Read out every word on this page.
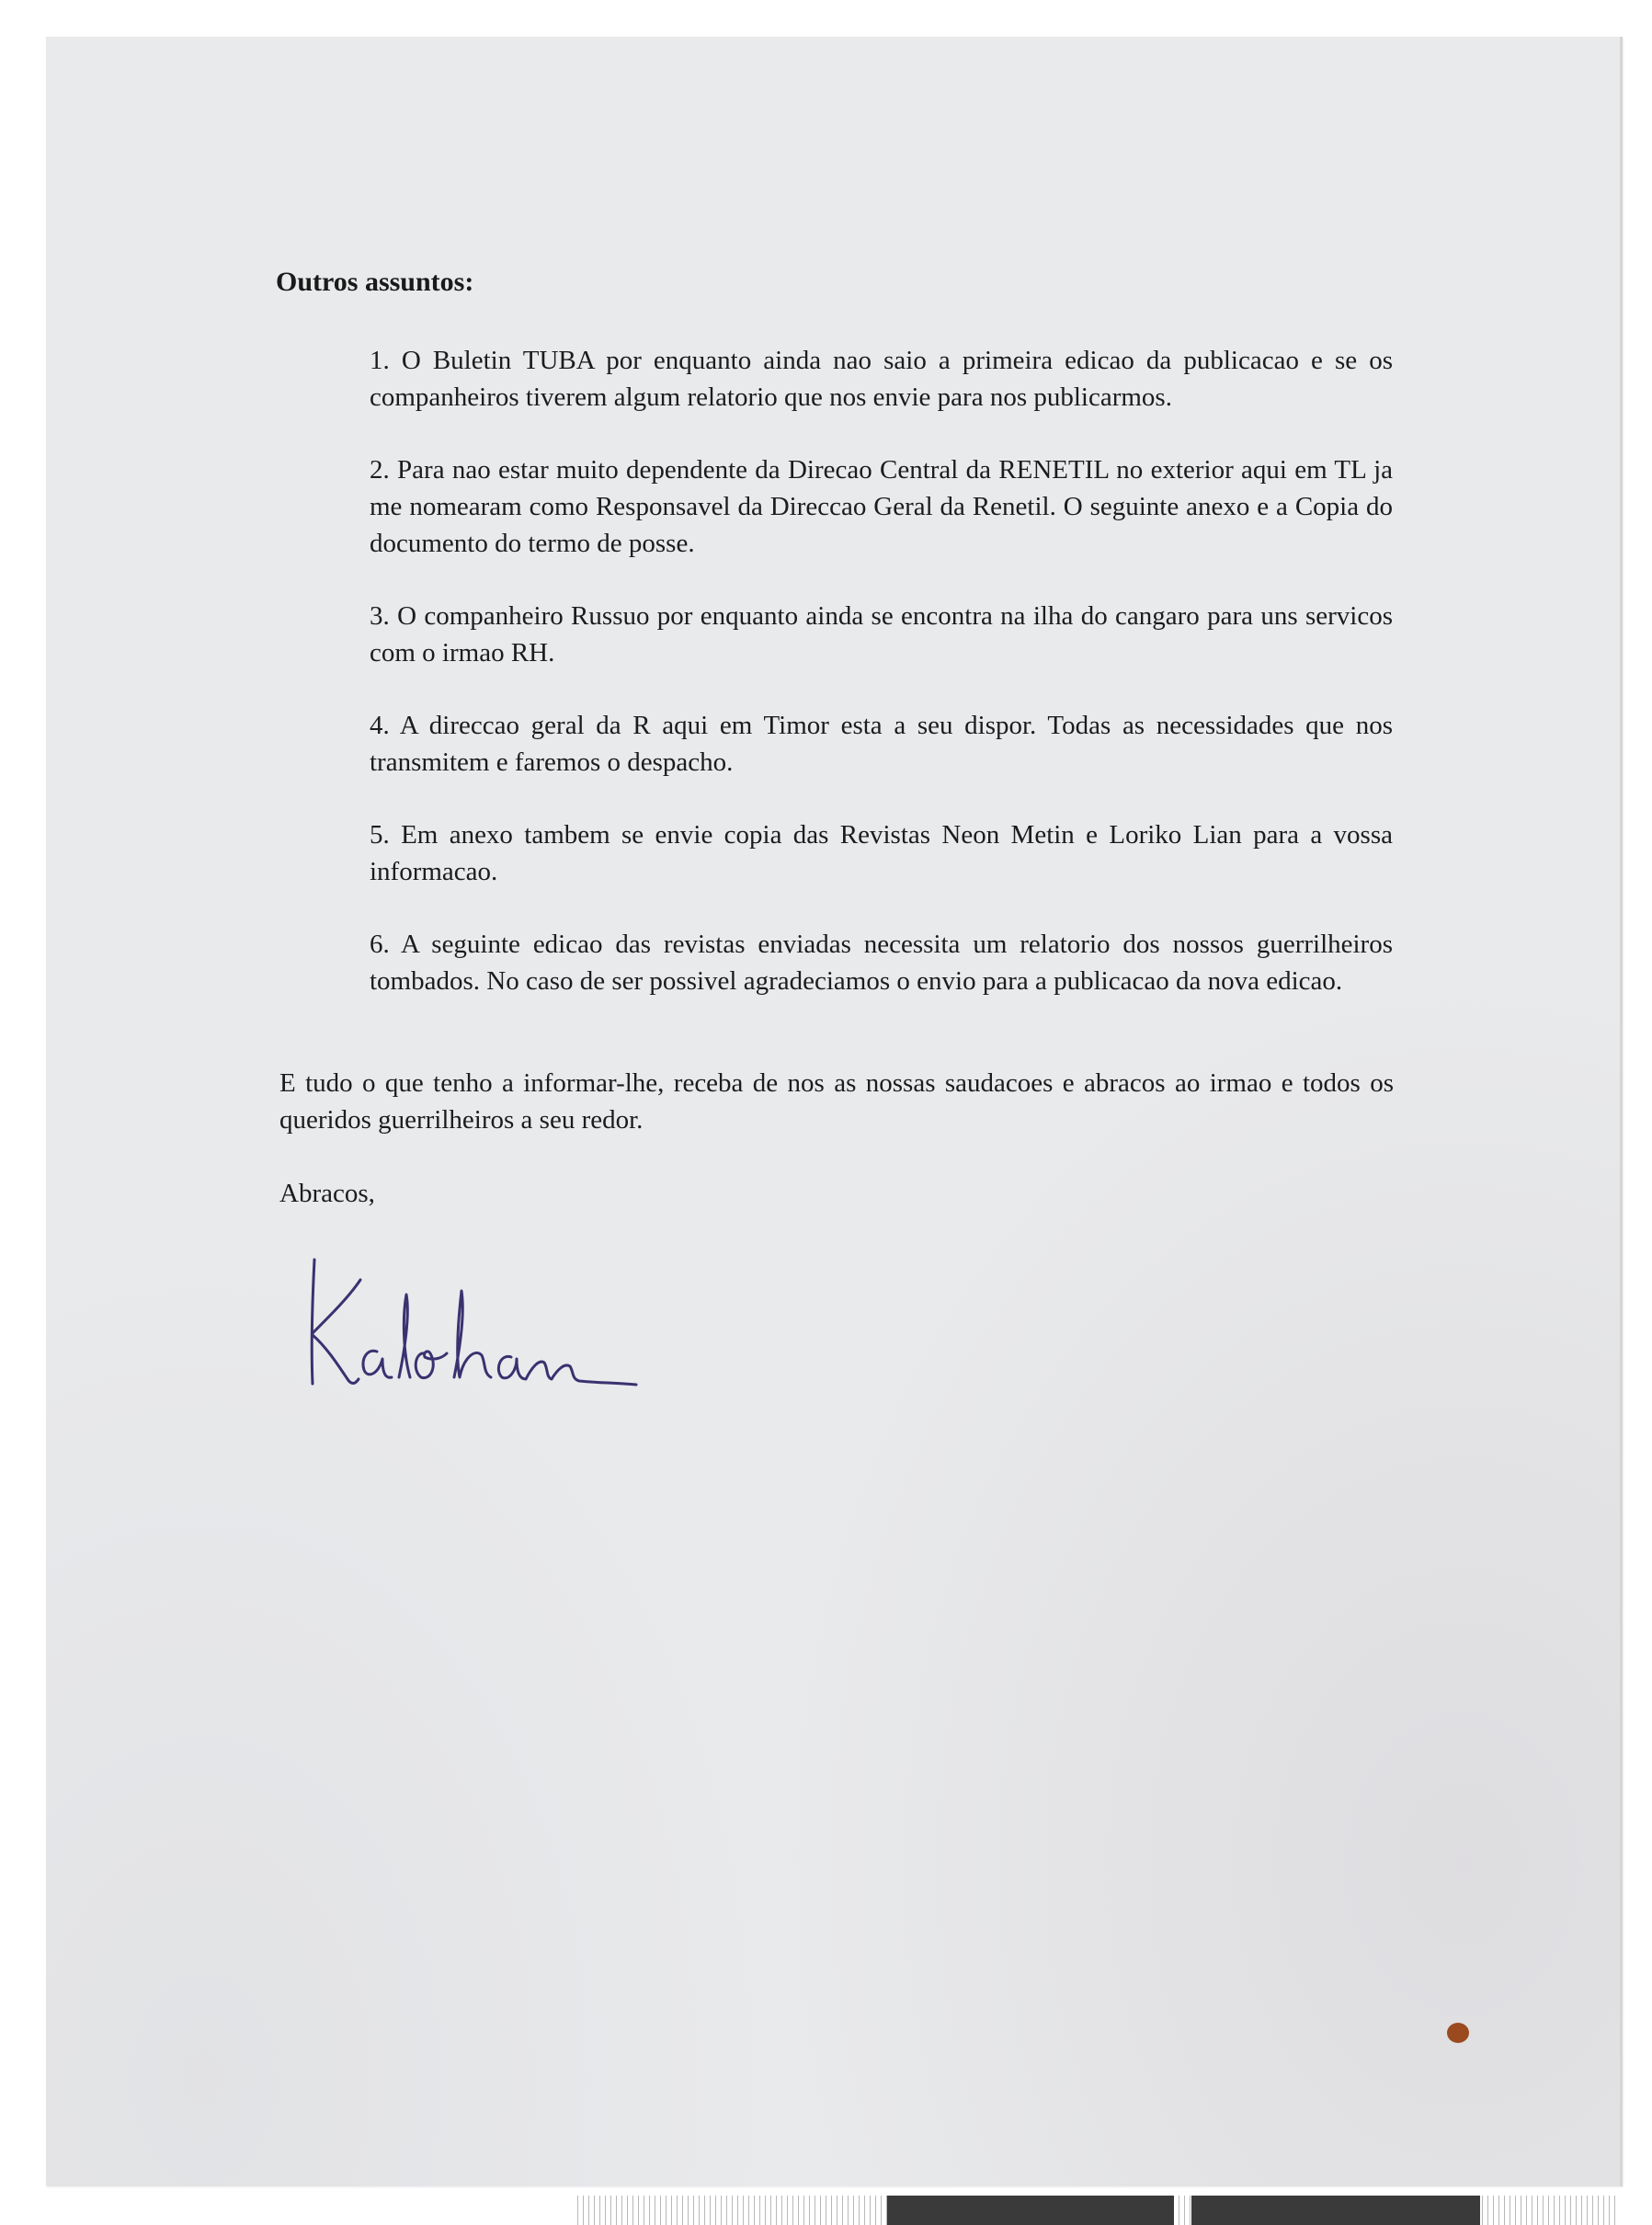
Outros assuntos:
1. O Buletin TUBA por enquanto ainda nao saio a primeira edicao da publicacao e se os companheiros tiverem algum relatorio que nos envie para nos publicarmos.
2. Para nao estar muito dependente da Direcao Central da RENETIL no exterior aqui em TL ja me nomearam como Responsavel da Direccao Geral da Renetil. O seguinte anexo e a Copia do documento do termo de posse.
3. O companheiro Russuo por enquanto ainda se encontra na ilha do cangaro para uns servicos com o irmao RH.
4. A direccao geral da R aqui em Timor esta a seu dispor. Todas as necessidades que nos transmitem e faremos o despacho.
5. Em anexo tambem se envie copia das Revistas Neon Metin e Loriko Lian para a vossa informacao.
6. A seguinte edicao das revistas enviadas necessita um relatorio dos nossos guerrilheiros tombados. No caso de ser possivel agradeciamos o envio para a publicacao da nova edicao.

E tudo o que tenho a informar-lhe, receba de nos as nossas saudacoes e abracos ao irmao e todos os queridos guerrilheiros a seu redor.

Abracos,
